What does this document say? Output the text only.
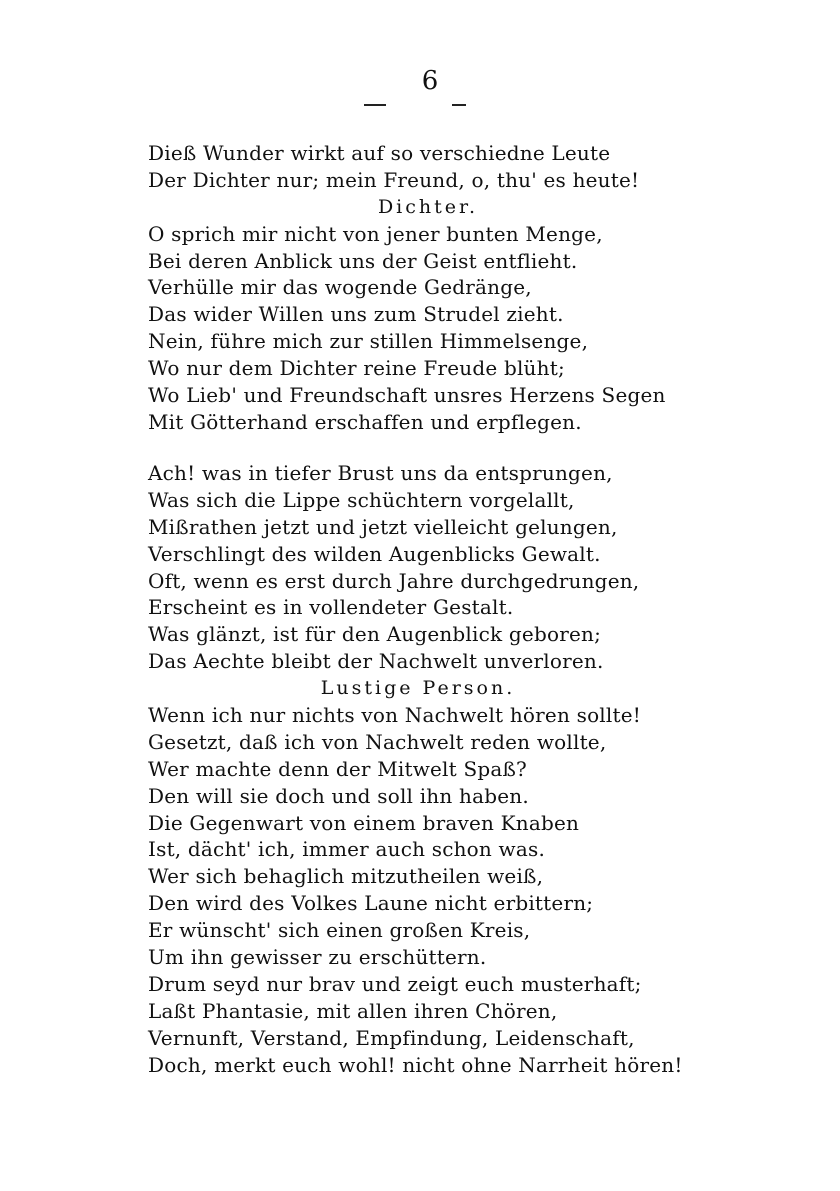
6
Dieß Wunder wirkt auf so verschiedne Leute
Der Dichter nur; mein Freund, o, thu' es heute!
Dichter.
O sprich mir nicht von jener bunten Menge,
Bei deren Anblick uns der Geist entflieht.
Verhülle mir das wogende Gedränge,
Das wider Willen uns zum Strudel zieht.
Nein, führe mich zur stillen Himmelsenge,
Wo nur dem Dichter reine Freude blüht;
Wo Lieb' und Freundschaft unsres Herzens Segen
Mit Götterhand erschaffen und erpflegen.
Ach! was in tiefer Brust uns da entsprungen,
Was sich die Lippe schüchtern vorgelallt,
Mißrathen jetzt und jetzt vielleicht gelungen,
Verschlingt des wilden Augenblicks Gewalt.
Oft, wenn es erst durch Jahre durchgedrungen,
Erscheint es in vollendeter Gestalt.
Was glänzt, ist für den Augenblick geboren;
Das Aechte bleibt der Nachwelt unverloren.
Lustige Person.
Wenn ich nur nichts von Nachwelt hören sollte!
Gesetzt, daß ich von Nachwelt reden wollte,
Wer machte denn der Mitwelt Spaß?
Den will sie doch und soll ihn haben.
Die Gegenwart von einem braven Knaben
Ist, dächt' ich, immer auch schon was.
Wer sich behaglich mitzutheilen weiß,
Den wird des Volkes Laune nicht erbittern;
Er wünscht' sich einen großen Kreis,
Um ihn gewisser zu erschüttern.
Drum seyd nur brav und zeigt euch musterhaft;
Laßt Phantasie, mit allen ihren Chören,
Vernunft, Verstand, Empfindung, Leidenschaft,
Doch, merkt euch wohl! nicht ohne Narrheit hören!
